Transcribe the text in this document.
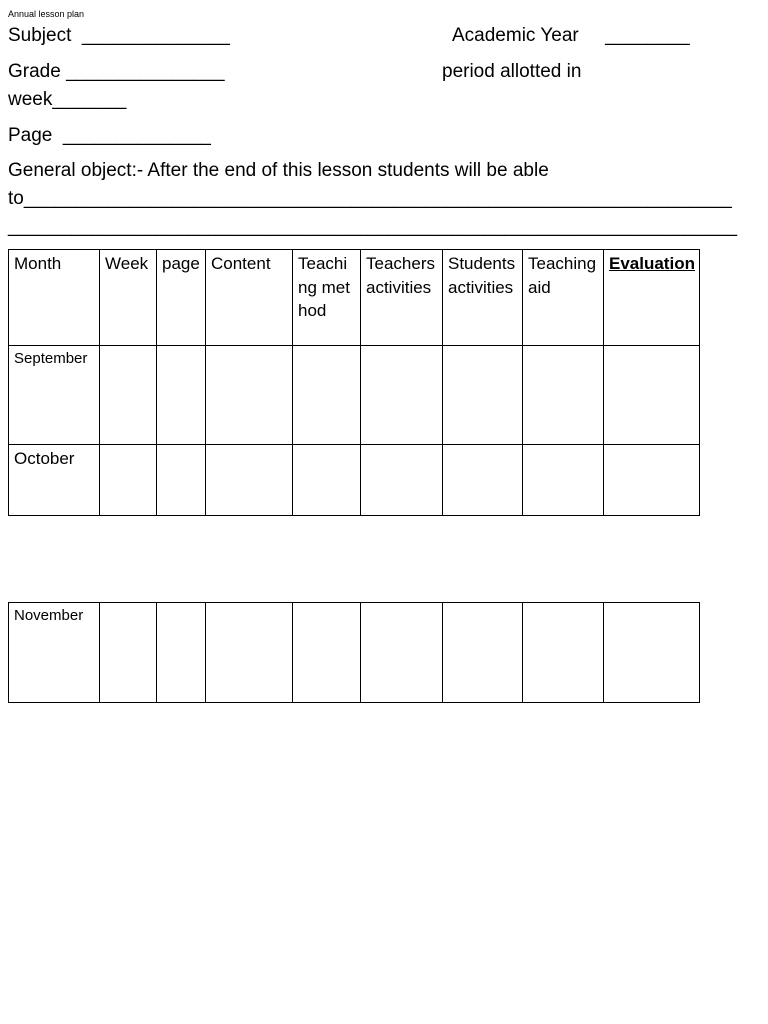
Annual lesson plan
Subject  ______________	Academic Year     ________
Grade _______________	period allotted in
week_______
Page  ______________
General object:- After the end of this lesson students will be able
to___________________________________________________________________
_____________________________________________________________________
Month	Week	page	Content	Teaching method	Teachers activities	Students activities	Teaching aid	Evaluation
September								
October								
November								
